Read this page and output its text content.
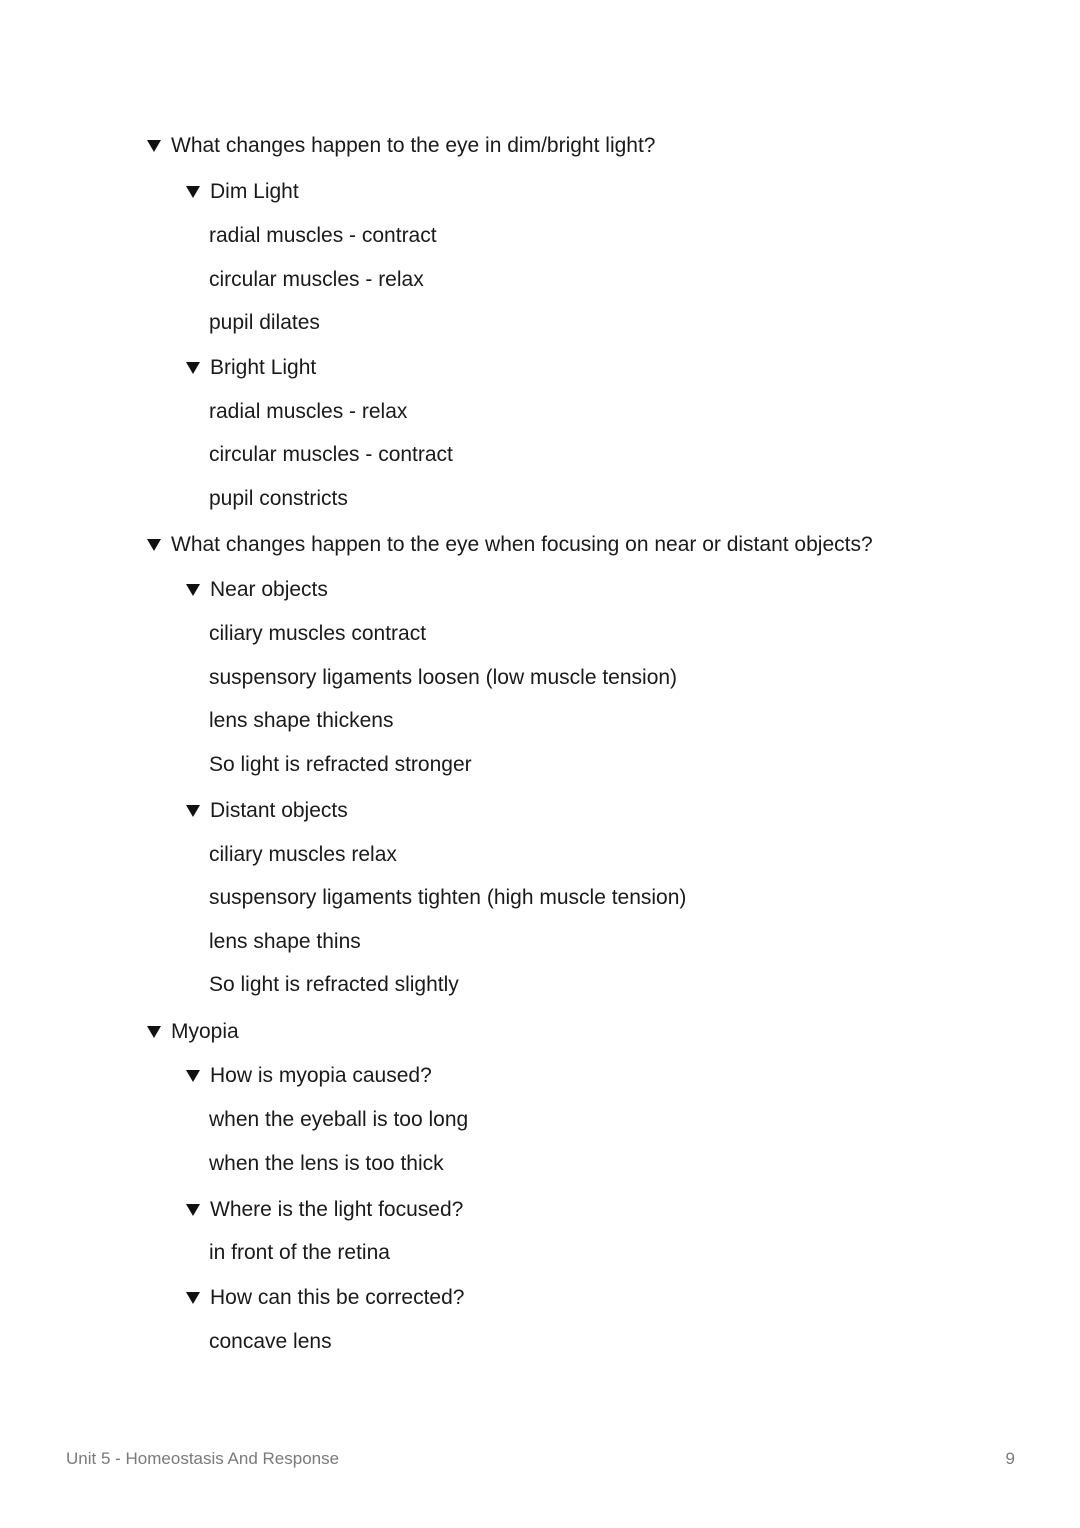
What changes happen to the eye in dim/bright light?
Dim Light
radial muscles - contract
circular muscles - relax
pupil dilates
Bright Light
radial muscles - relax
circular muscles - contract
pupil constricts
What changes happen to the eye when focusing on near or distant objects?
Near objects
ciliary muscles contract
suspensory ligaments loosen (low muscle tension)
lens shape thickens
So light is refracted stronger
Distant objects
ciliary muscles relax
suspensory ligaments tighten (high muscle tension)
lens shape thins
So light is refracted slightly
Myopia
How is myopia caused?
when the eyeball is too long
when the lens is too thick
Where is the light focused?
in front of the retina
How can this be corrected?
concave lens
Unit 5 - Homeostasis And Response	9
